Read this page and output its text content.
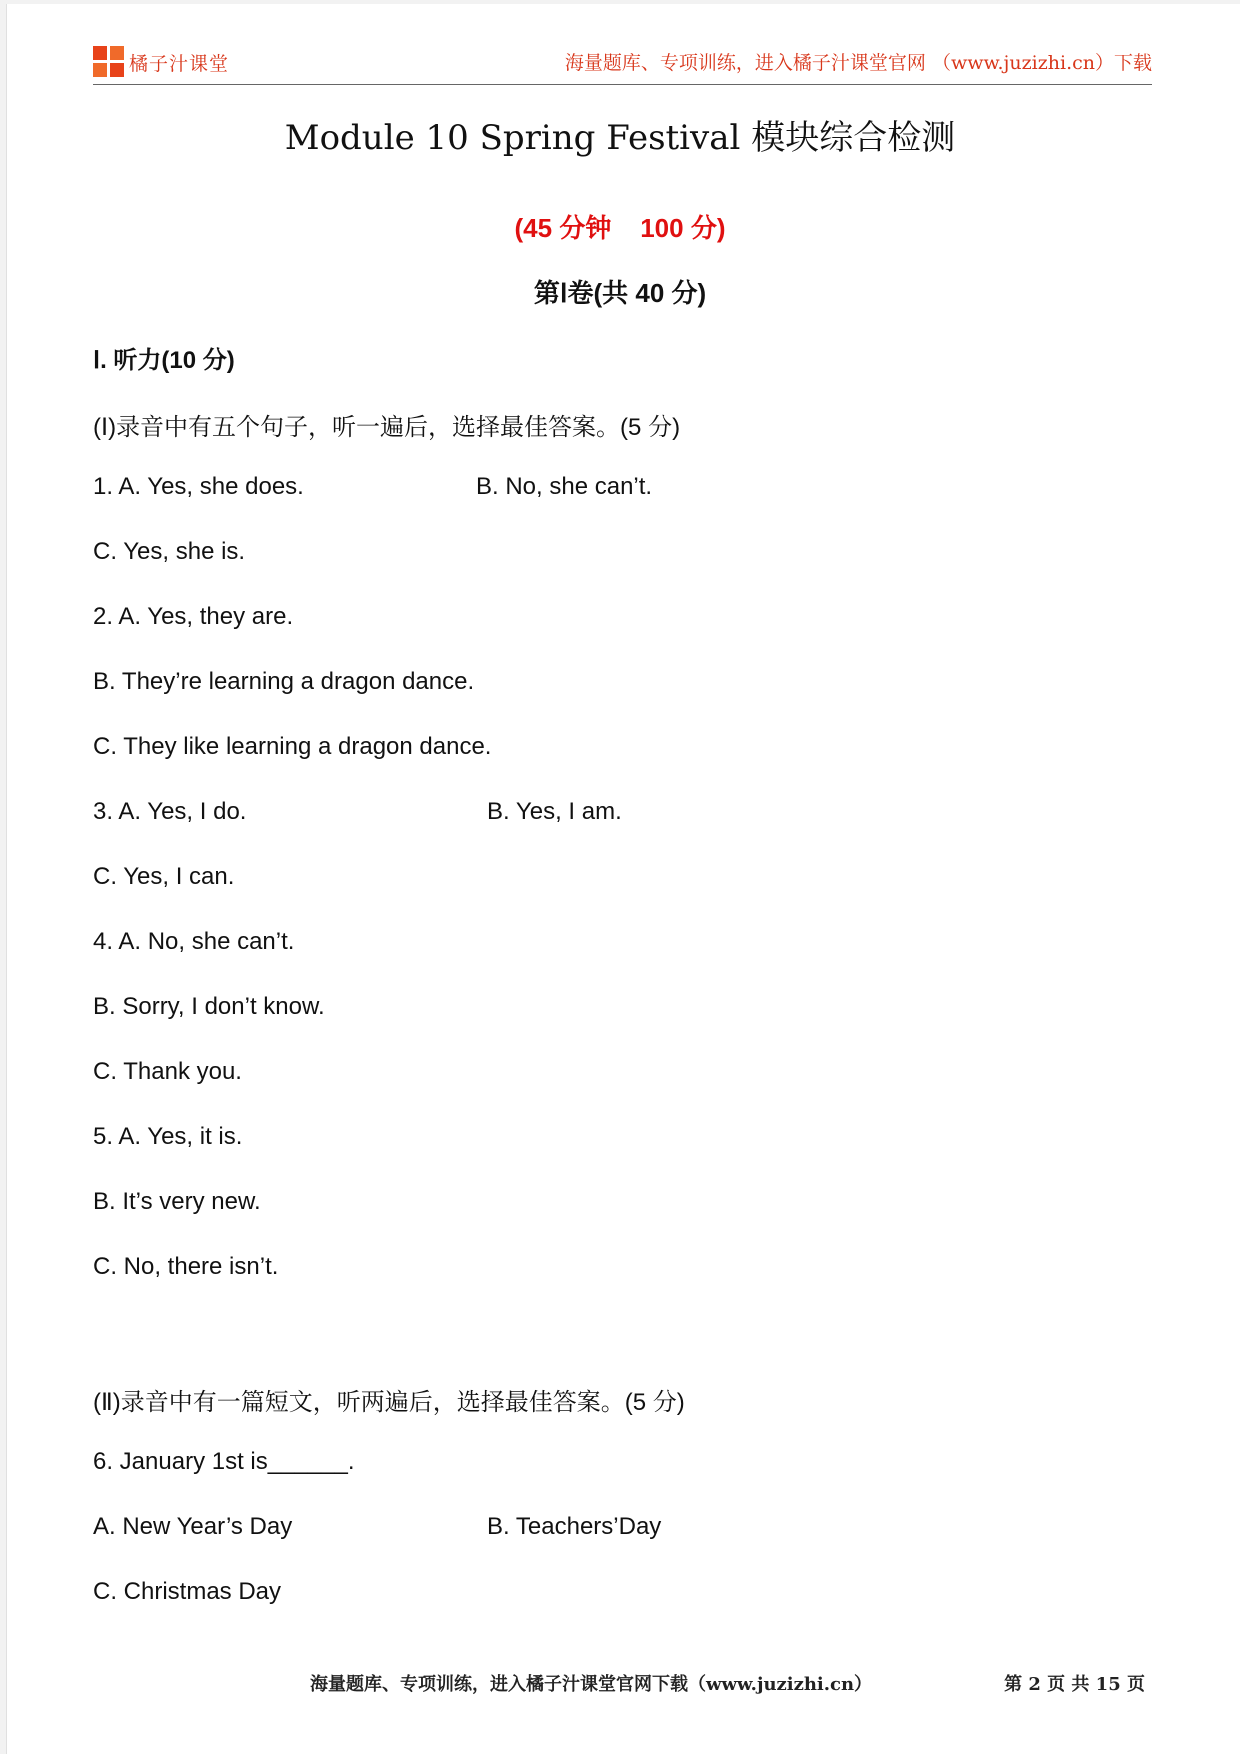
橘子汁课堂	海量题库、专项训练，进入橘子汁课堂官网 （www.juzizhi.cn）下载
Module 10 Spring Festival 模块综合检测
(45 分钟    100 分)
第Ⅰ卷(共 40 分)
Ⅰ. 听力(10 分)
(Ⅰ)录音中有五个句子，听一遍后，选择最佳答案。(5 分)
1. A. Yes, she does.	B. No, she can’t.
C. Yes, she is.
2. A. Yes, they are.
B. They’re learning a dragon dance.
C. They like learning a dragon dance.
3. A. Yes, I do.	B. Yes, I am.
C. Yes, I can.
4. A. No, she can’t.
B. Sorry, I don’t know.
C. Thank you.
5. A. Yes, it is.
B. It’s very new.
C. No, there isn’t.
(Ⅱ)录音中有一篇短文，听两遍后，选择最佳答案。(5 分)
6. January 1st is______.
A. New Year’s Day	B. Teachers’Day
C. Christmas Day
海量题库、专项训练，进入橘子汁课堂官网下载（www.juzizhi.cn）	第 2 页 共 15 页
